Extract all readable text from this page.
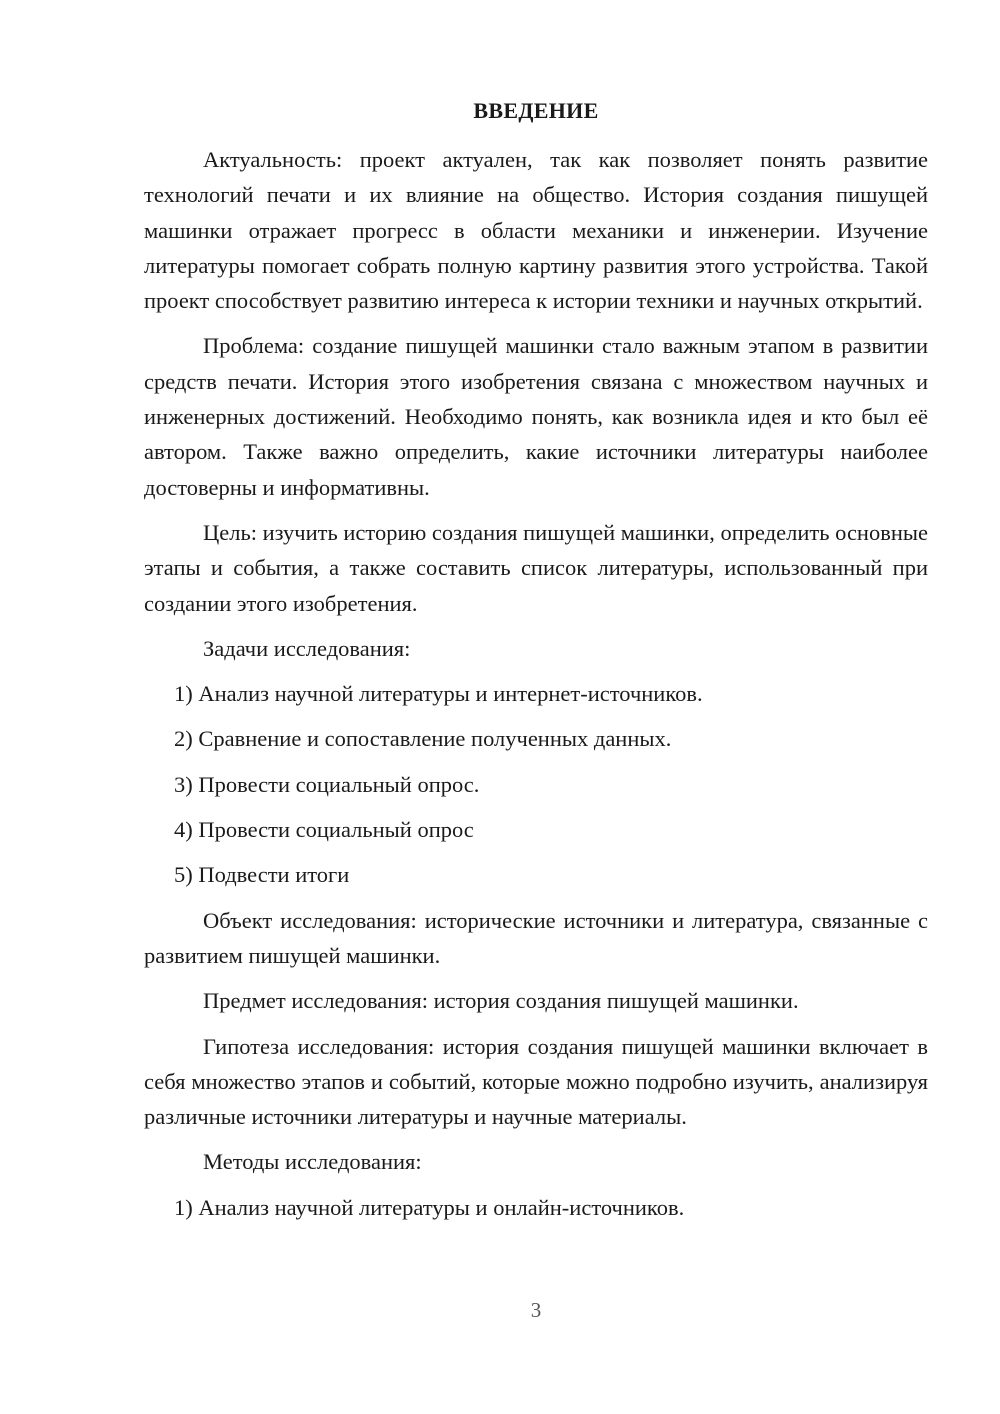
ВВЕДЕНИЕ

Актуальность: проект актуален, так как позволяет понять развитие технологий печати и их влияние на общество. История создания пишущей машинки отражает прогресс в области механики и инженерии. Изучение литературы помогает собрать полную картину развития этого устройства. Такой проект способствует развитию интереса к истории техники и научных открытий.

Проблема: создание пишущей машинки стало важным этапом в развитии средств печати. История этого изобретения связана с множеством научных и инженерных достижений. Необходимо понять, как возникла идея и кто был её автором. Также важно определить, какие источники литературы наиболее достоверны и информативны.

Цель: изучить историю создания пишущей машинки, определить основные этапы и события, а также составить список литературы, использованный при создании этого изобретения.

Задачи исследования:

1) Анализ научной литературы и интернет-источников.

2) Сравнение и сопоставление полученных данных.

3) Провести социальный опрос.

4) Провести социальный опрос

5) Подвести итоги

Объект исследования: исторические источники и литература, связанные с развитием пишущей машинки.

Предмет исследования: история создания пишущей машинки.

Гипотеза исследования: история создания пишущей машинки включает в себя множество этапов и событий, которые можно подробно изучить, анализируя различные источники литературы и научные материалы.

Методы исследования:

1) Анализ научной литературы и онлайн-источников.

3
